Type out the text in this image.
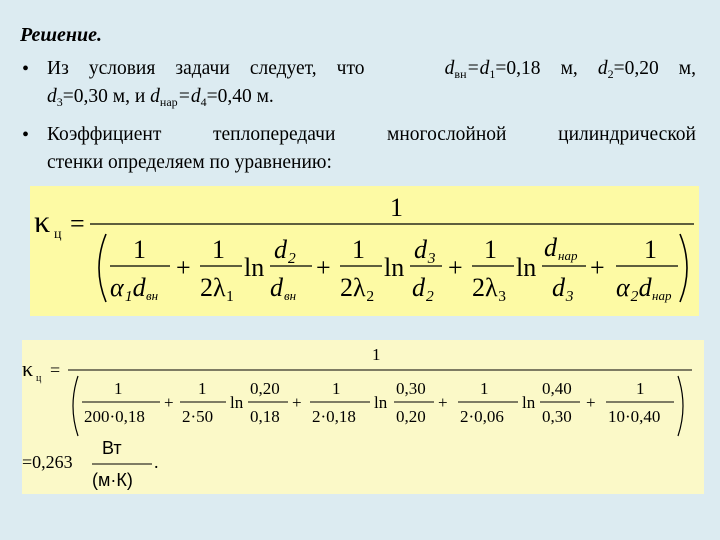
Решение.
• Из условия задачи следует, что	$d_{вн}=d_1=0,18$ м, $d_2=0,20$ м,
$d_3=0,30$ м, и $d_{нар}=d_4=0,40$ м.
• Коэффициент теплопередачи многослойной цилиндрической
стенки определяем по уравнению:
κ ц =
1
1
α₁d вн
+
1
2λ₁
ln
d₂
d вн
+
1
2λ₂
ln
d₃
d₂
+
1
2λ₃
ln
d нар
d₃
+
1
α₂d нар
κ ц =
1
1
200·0,18
+
1
2·50
ln
0,20
0,18
+
1
2·0,18
ln
0,30
0,20
+
1
2·0,06
ln
0,40
0,30
+
1
10·0,40
=0,263
Вт
(м·К)
.
